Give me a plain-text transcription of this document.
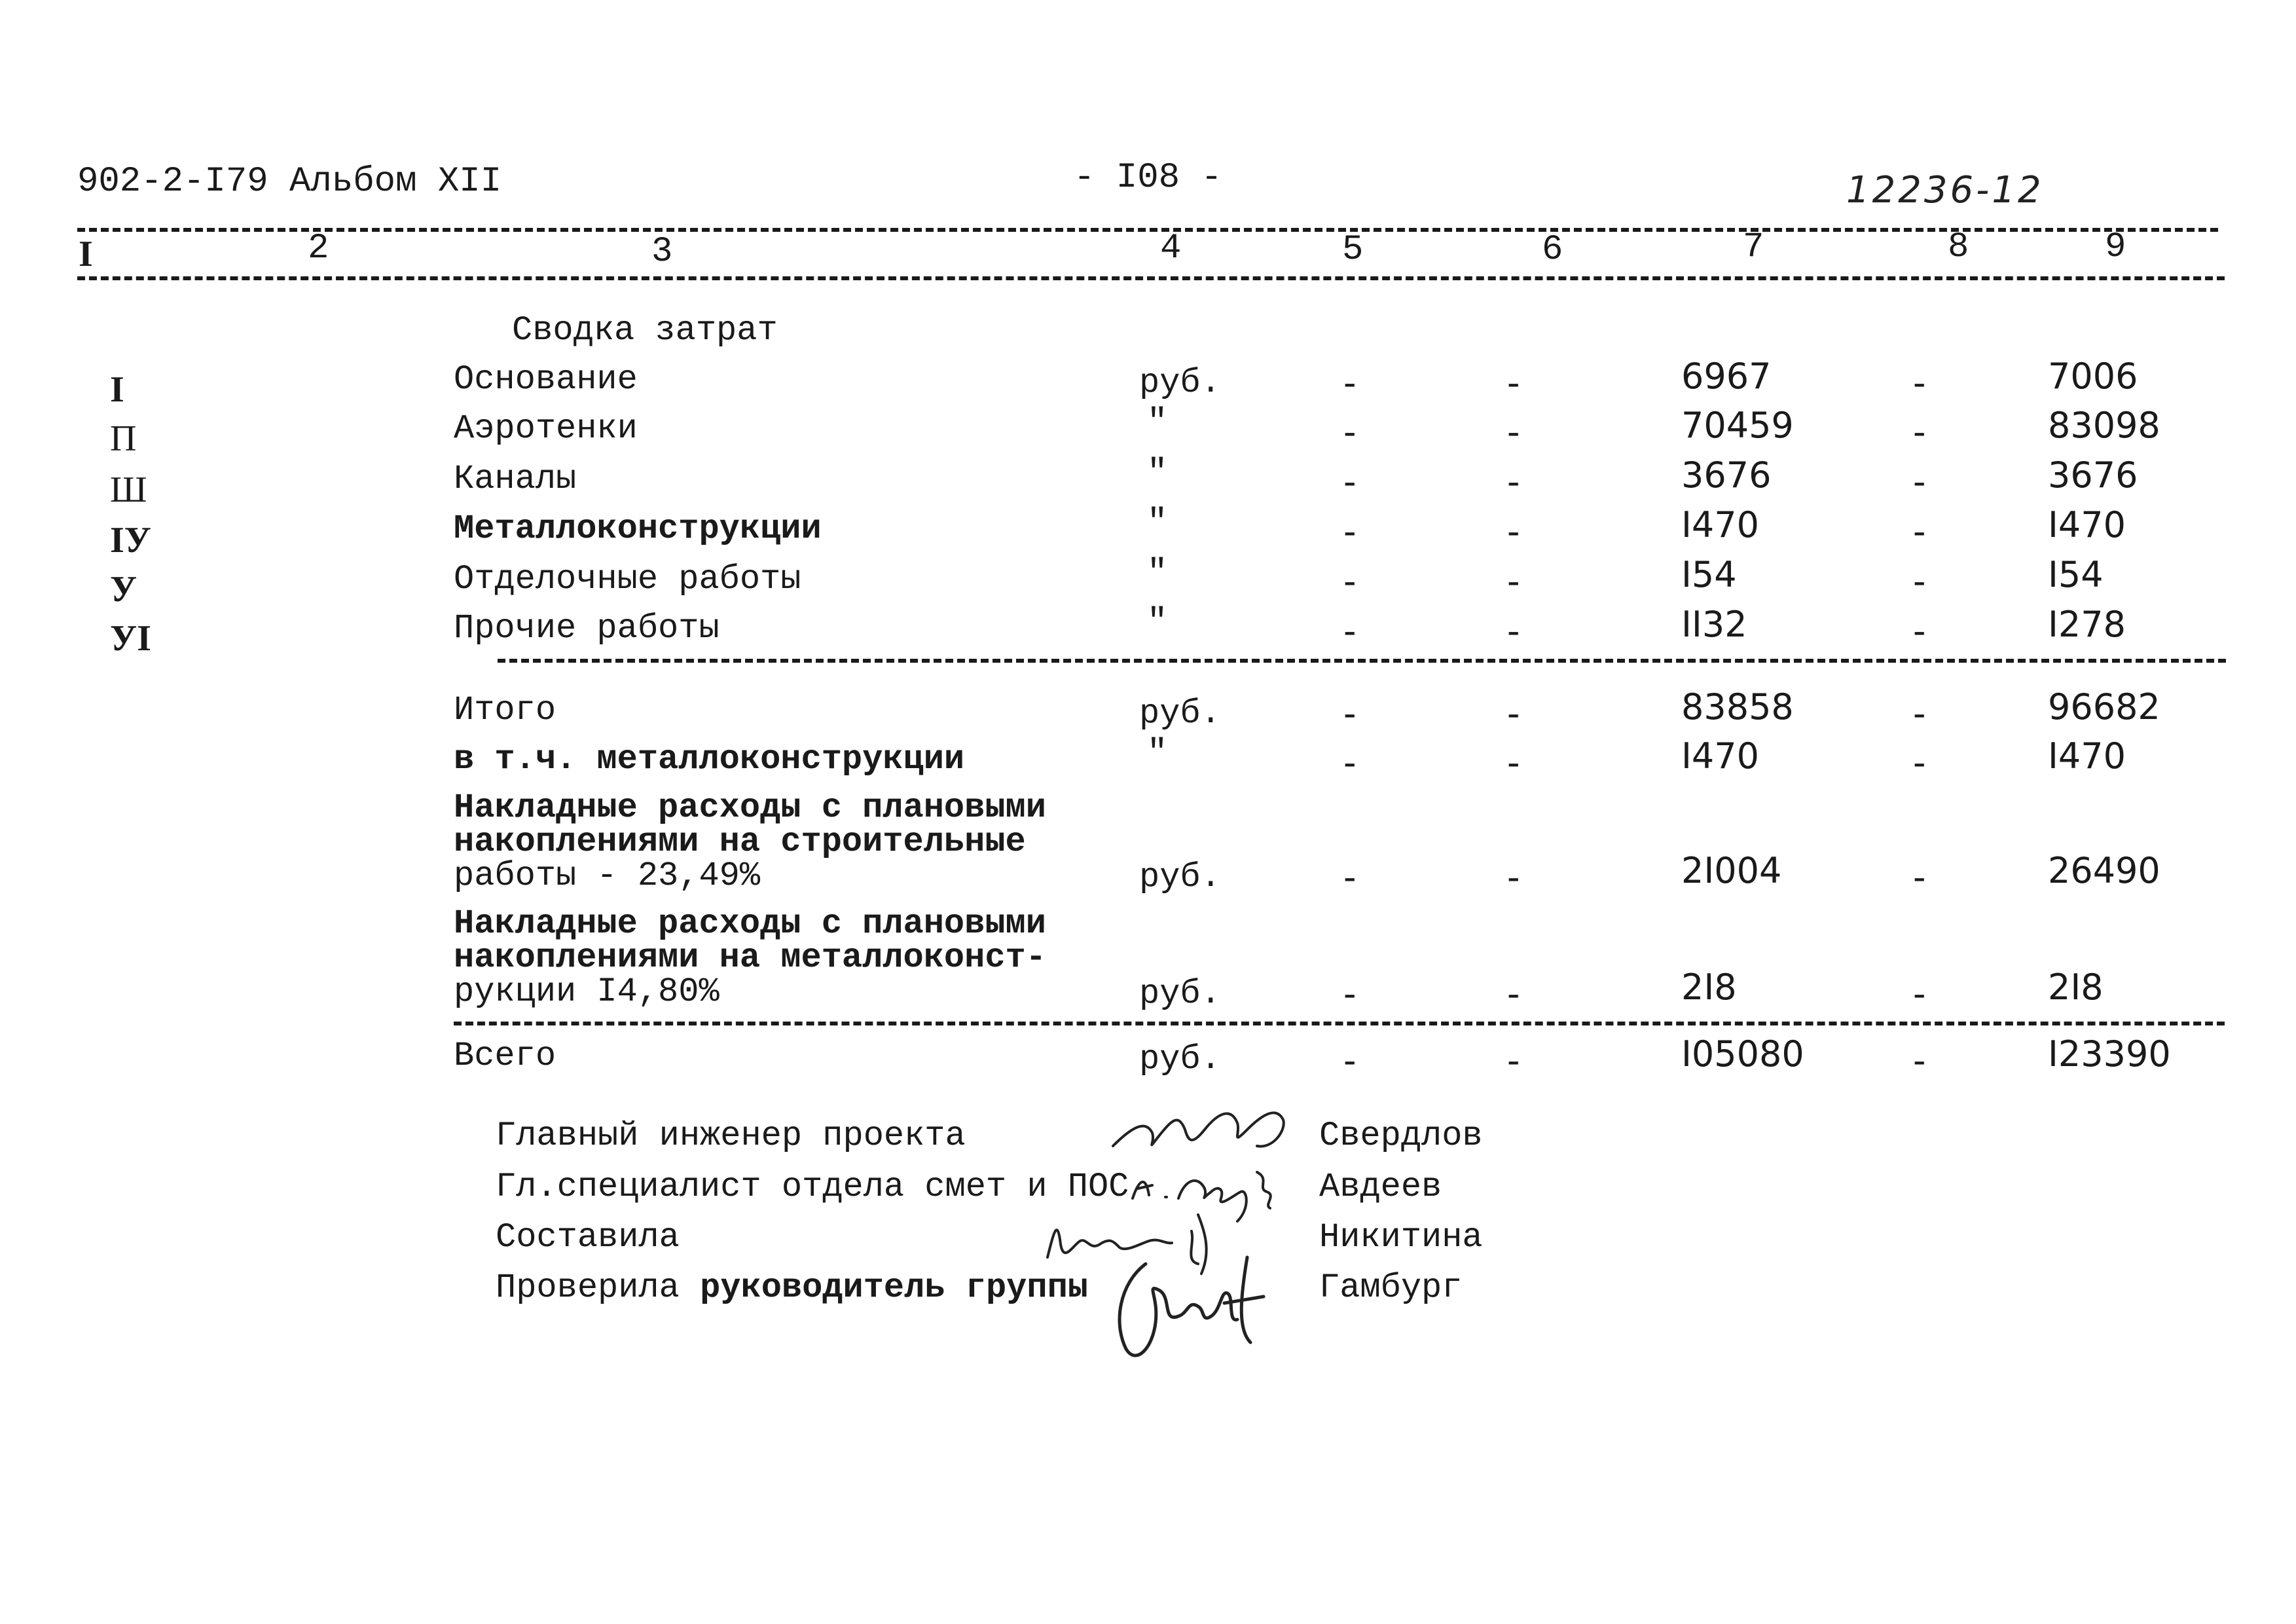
902-2-I79 Альбом XII	- I08 -	12236-12
I	2	3	4	5	6	7	8	9
Сводка затрат
I	Основание	руб.	-	-	6967	-	7006
П	Аэротенки	"	-	-	70459	-	83098
Ш	Каналы	"	-	-	3676	-	3676
IУ	Металлоконструкции	"	-	-	I470	-	I470
У	Отделочные работы	"	-	-	I54	-	I54
УI	Прочие работы	"	-	-	II32	-	I278
Итого	руб.	-	-	83858	-	96682
в т.ч. металлоконструкции	"	-	-	I470	-	I470
Накладные расходы с плановыми
накоплениями на строительные
работы - 23,49%	руб.	-	-	2I004	-	26490
Накладные расходы с плановыми
накоплениями на металлоконст-
рукции I4,80%	руб.	-	-	2I8	-	2I8
Всего	руб.	-	-	I05080	-	I23390
Главный инженер проекта	Свердлов
Гл.специалист отдела смет и ПОС	Авдеев
Составила	Никитина
Проверила руководитель группы	Гамбург
